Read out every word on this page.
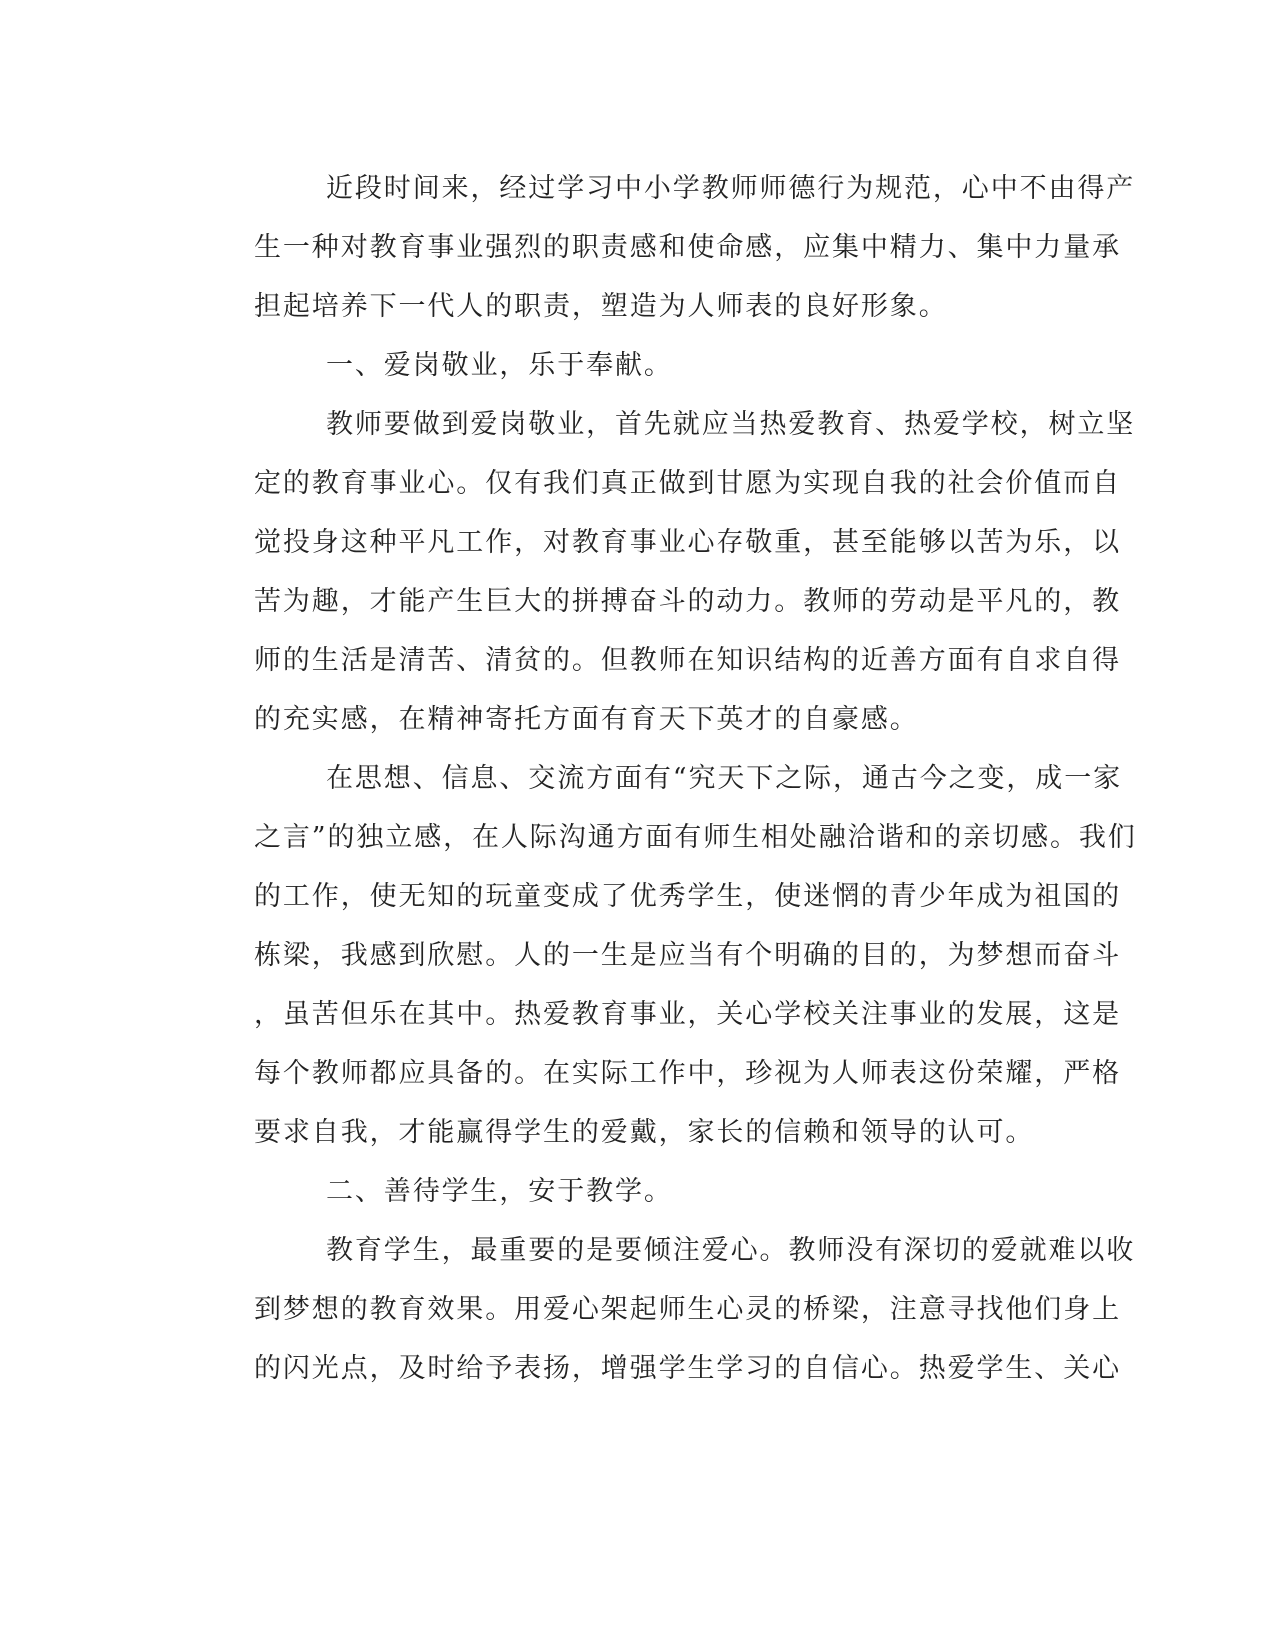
近段时间来，经过学习中小学教师师德行为规范，心中不由得产
生一种对教育事业强烈的职责感和使命感，应集中精力、集中力量承
担起培养下一代人的职责，塑造为人师表的良好形象。
一、爱岗敬业，乐于奉献。
教师要做到爱岗敬业，首先就应当热爱教育、热爱学校，树立坚
定的教育事业心。仅有我们真正做到甘愿为实现自我的社会价值而自
觉投身这种平凡工作，对教育事业心存敬重，甚至能够以苦为乐，以
苦为趣，才能产生巨大的拼搏奋斗的动力。教师的劳动是平凡的，教
师的生活是清苦、清贫的。但教师在知识结构的近善方面有自求自得
的充实感，在精神寄托方面有育天下英才的自豪感。
在思想、信息、交流方面有“究天下之际，通古今之变，成一家
之言”的独立感，在人际沟通方面有师生相处融洽谐和的亲切感。我们
的工作，使无知的玩童变成了优秀学生，使迷惘的青少年成为祖国的
栋梁，我感到欣慰。人的一生是应当有个明确的目的，为梦想而奋斗
，虽苦但乐在其中。热爱教育事业，关心学校关注事业的发展，这是
每个教师都应具备的。在实际工作中，珍视为人师表这份荣耀，严格
要求自我，才能赢得学生的爱戴，家长的信赖和领导的认可。
二、善待学生，安于教学。
教育学生，最重要的是要倾注爱心。教师没有深切的爱就难以收
到梦想的教育效果。用爱心架起师生心灵的桥梁，注意寻找他们身上
的闪光点，及时给予表扬，增强学生学习的自信心。热爱学生、关心
